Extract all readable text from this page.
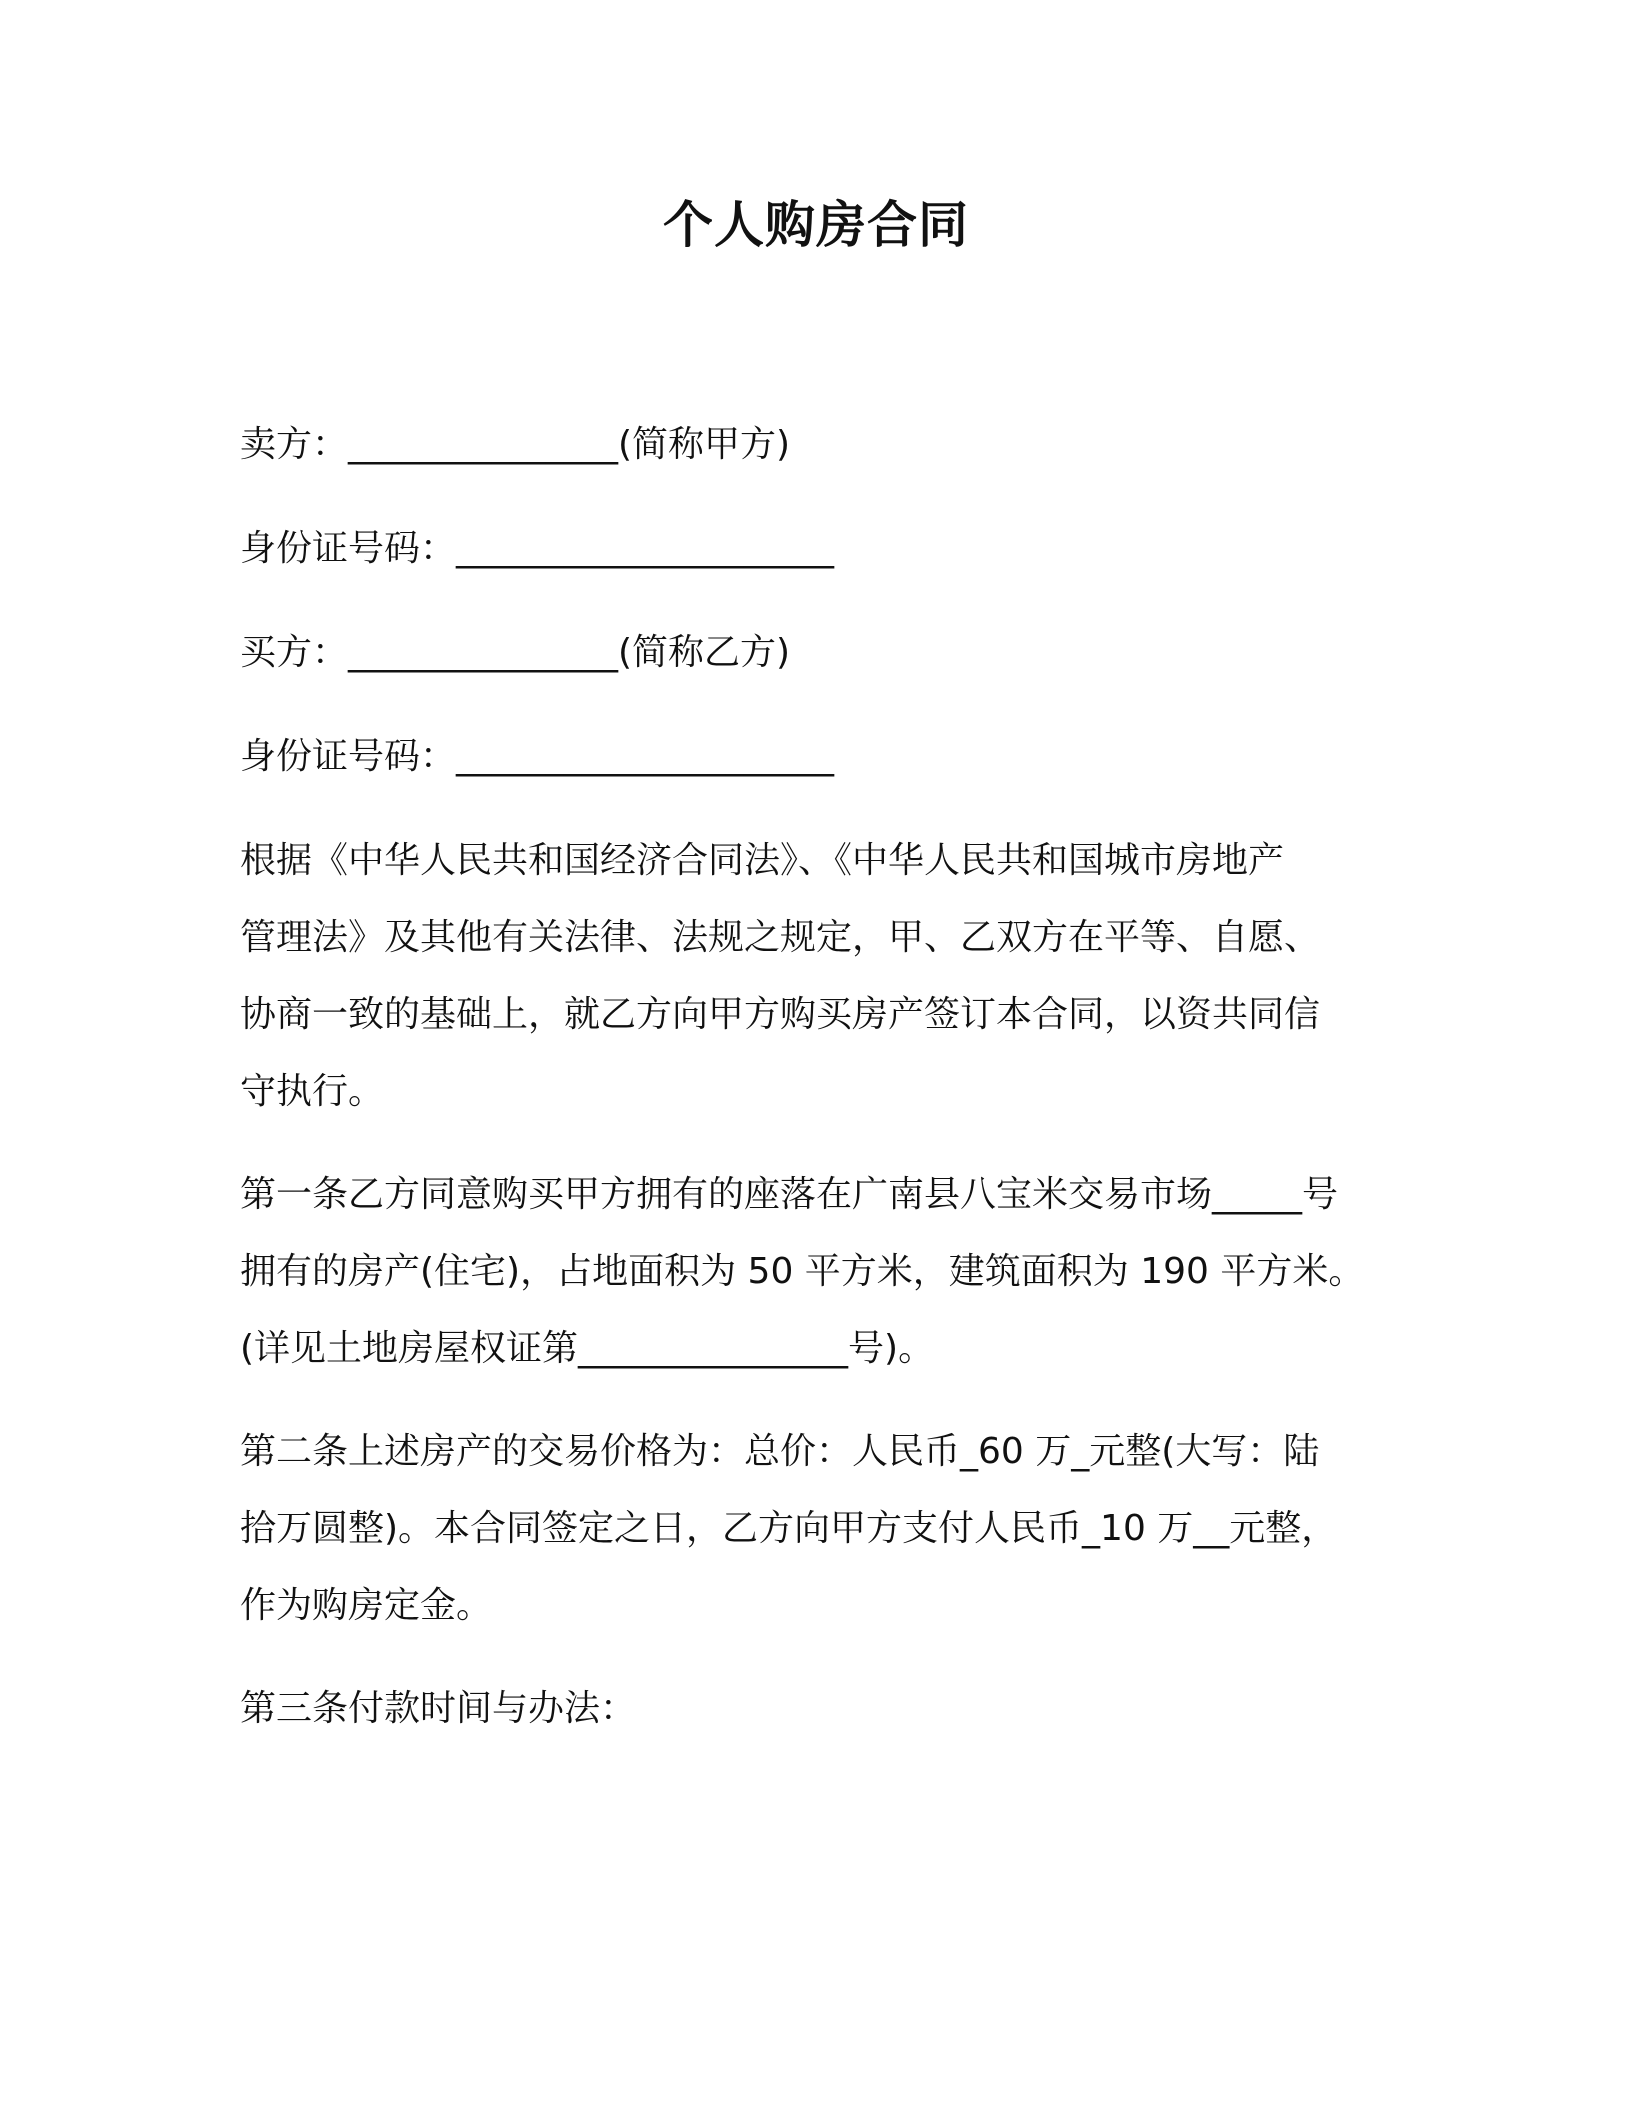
个人购房合同
卖方：_______________(简称甲方)
身份证号码：_____________________
买方：_______________(简称乙方)
身份证号码：_____________________
根据《中华人民共和国经济合同法》、《中华人民共和国城市房地产
管理法》及其他有关法律、法规之规定，甲、乙双方在平等、自愿、
协商一致的基础上，就乙方向甲方购买房产签订本合同，以资共同信
守执行。
第一条乙方同意购买甲方拥有的座落在广南县八宝米交易市场_____号
拥有的房产(住宅)，占地面积为 50 平方米，建筑面积为 190 平方米。
(详见土地房屋权证第_______________号)。
第二条上述房产的交易价格为：总价：人民币_60 万_元整(大写：陆
拾万圆整)。本合同签定之日，乙方向甲方支付人民币_10 万__元整，
作为购房定金。
第三条付款时间与办法：
